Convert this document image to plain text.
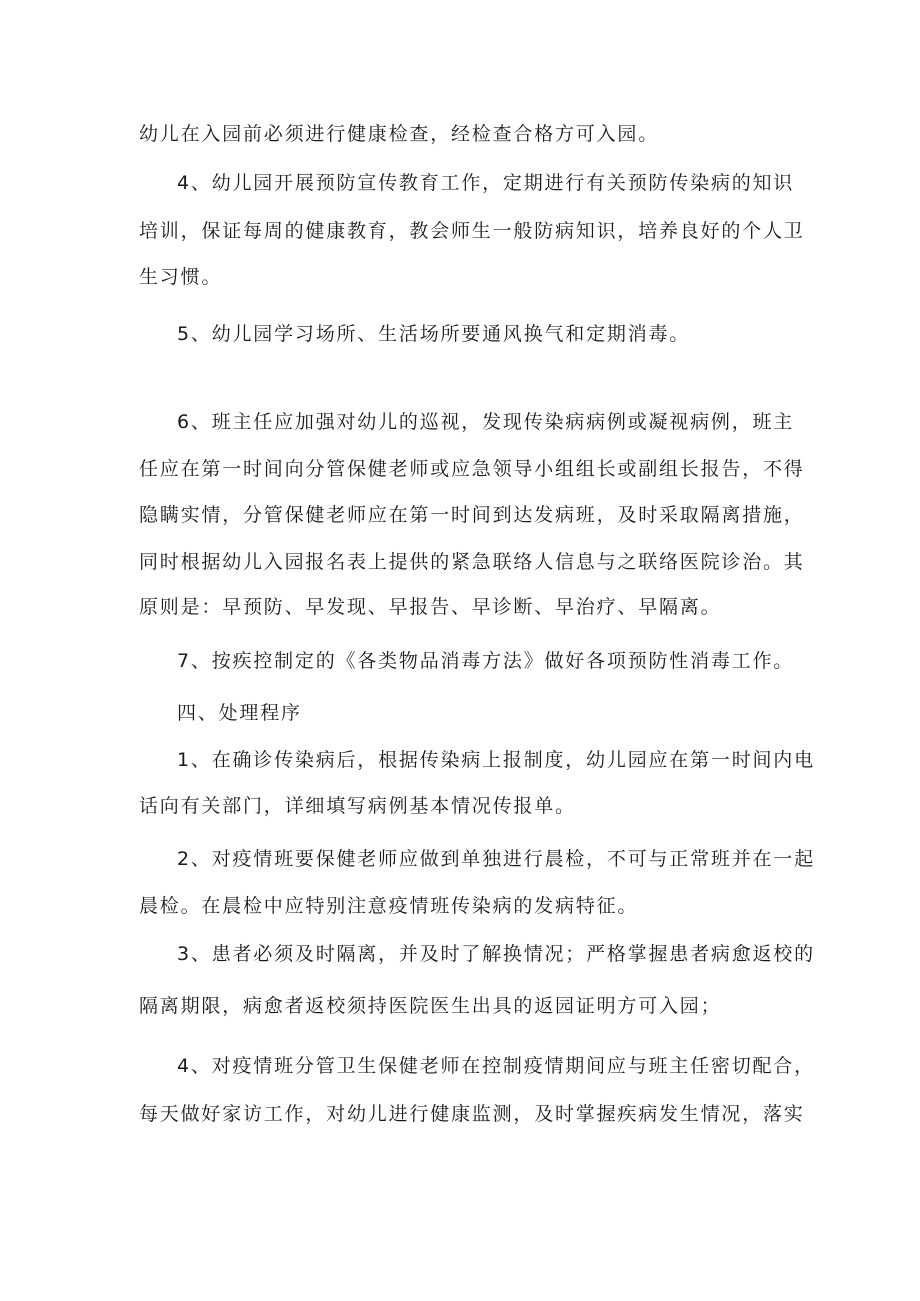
幼儿在入园前必须进行健康检查，经检查合格方可入园。
4、幼儿园开展预防宣传教育工作，定期进行有关预防传染病的知识
培训，保证每周的健康教育，教会师生一般防病知识，培养良好的个人卫
生习惯。
5、幼儿园学习场所、生活场所要通风换气和定期消毒。
6、班主任应加强对幼儿的巡视，发现传染病病例或凝视病例，班主
任应在第一时间向分管保健老师或应急领导小组组长或副组长报告，不得
隐瞒实情，分管保健老师应在第一时间到达发病班，及时采取隔离措施，
同时根据幼儿入园报名表上提供的紧急联络人信息与之联络医院诊治。其
原则是：早预防、早发现、早报告、早诊断、早治疗、早隔离。
7、按疾控制定的《各类物品消毒方法》做好各项预防性消毒工作。
四、处理程序
1、在确诊传染病后，根据传染病上报制度，幼儿园应在第一时间内电
话向有关部门，详细填写病例基本情况传报单。
2、对疫情班要保健老师应做到单独进行晨检，不可与正常班并在一起
晨检。在晨检中应特别注意疫情班传染病的发病特征。
3、患者必须及时隔离，并及时了解换情况；严格掌握患者病愈返校的
隔离期限，病愈者返校须持医院医生出具的返园证明方可入园；
4、对疫情班分管卫生保健老师在控制疫情期间应与班主任密切配合，
每天做好家访工作，对幼儿进行健康监测，及时掌握疾病发生情况，落实
